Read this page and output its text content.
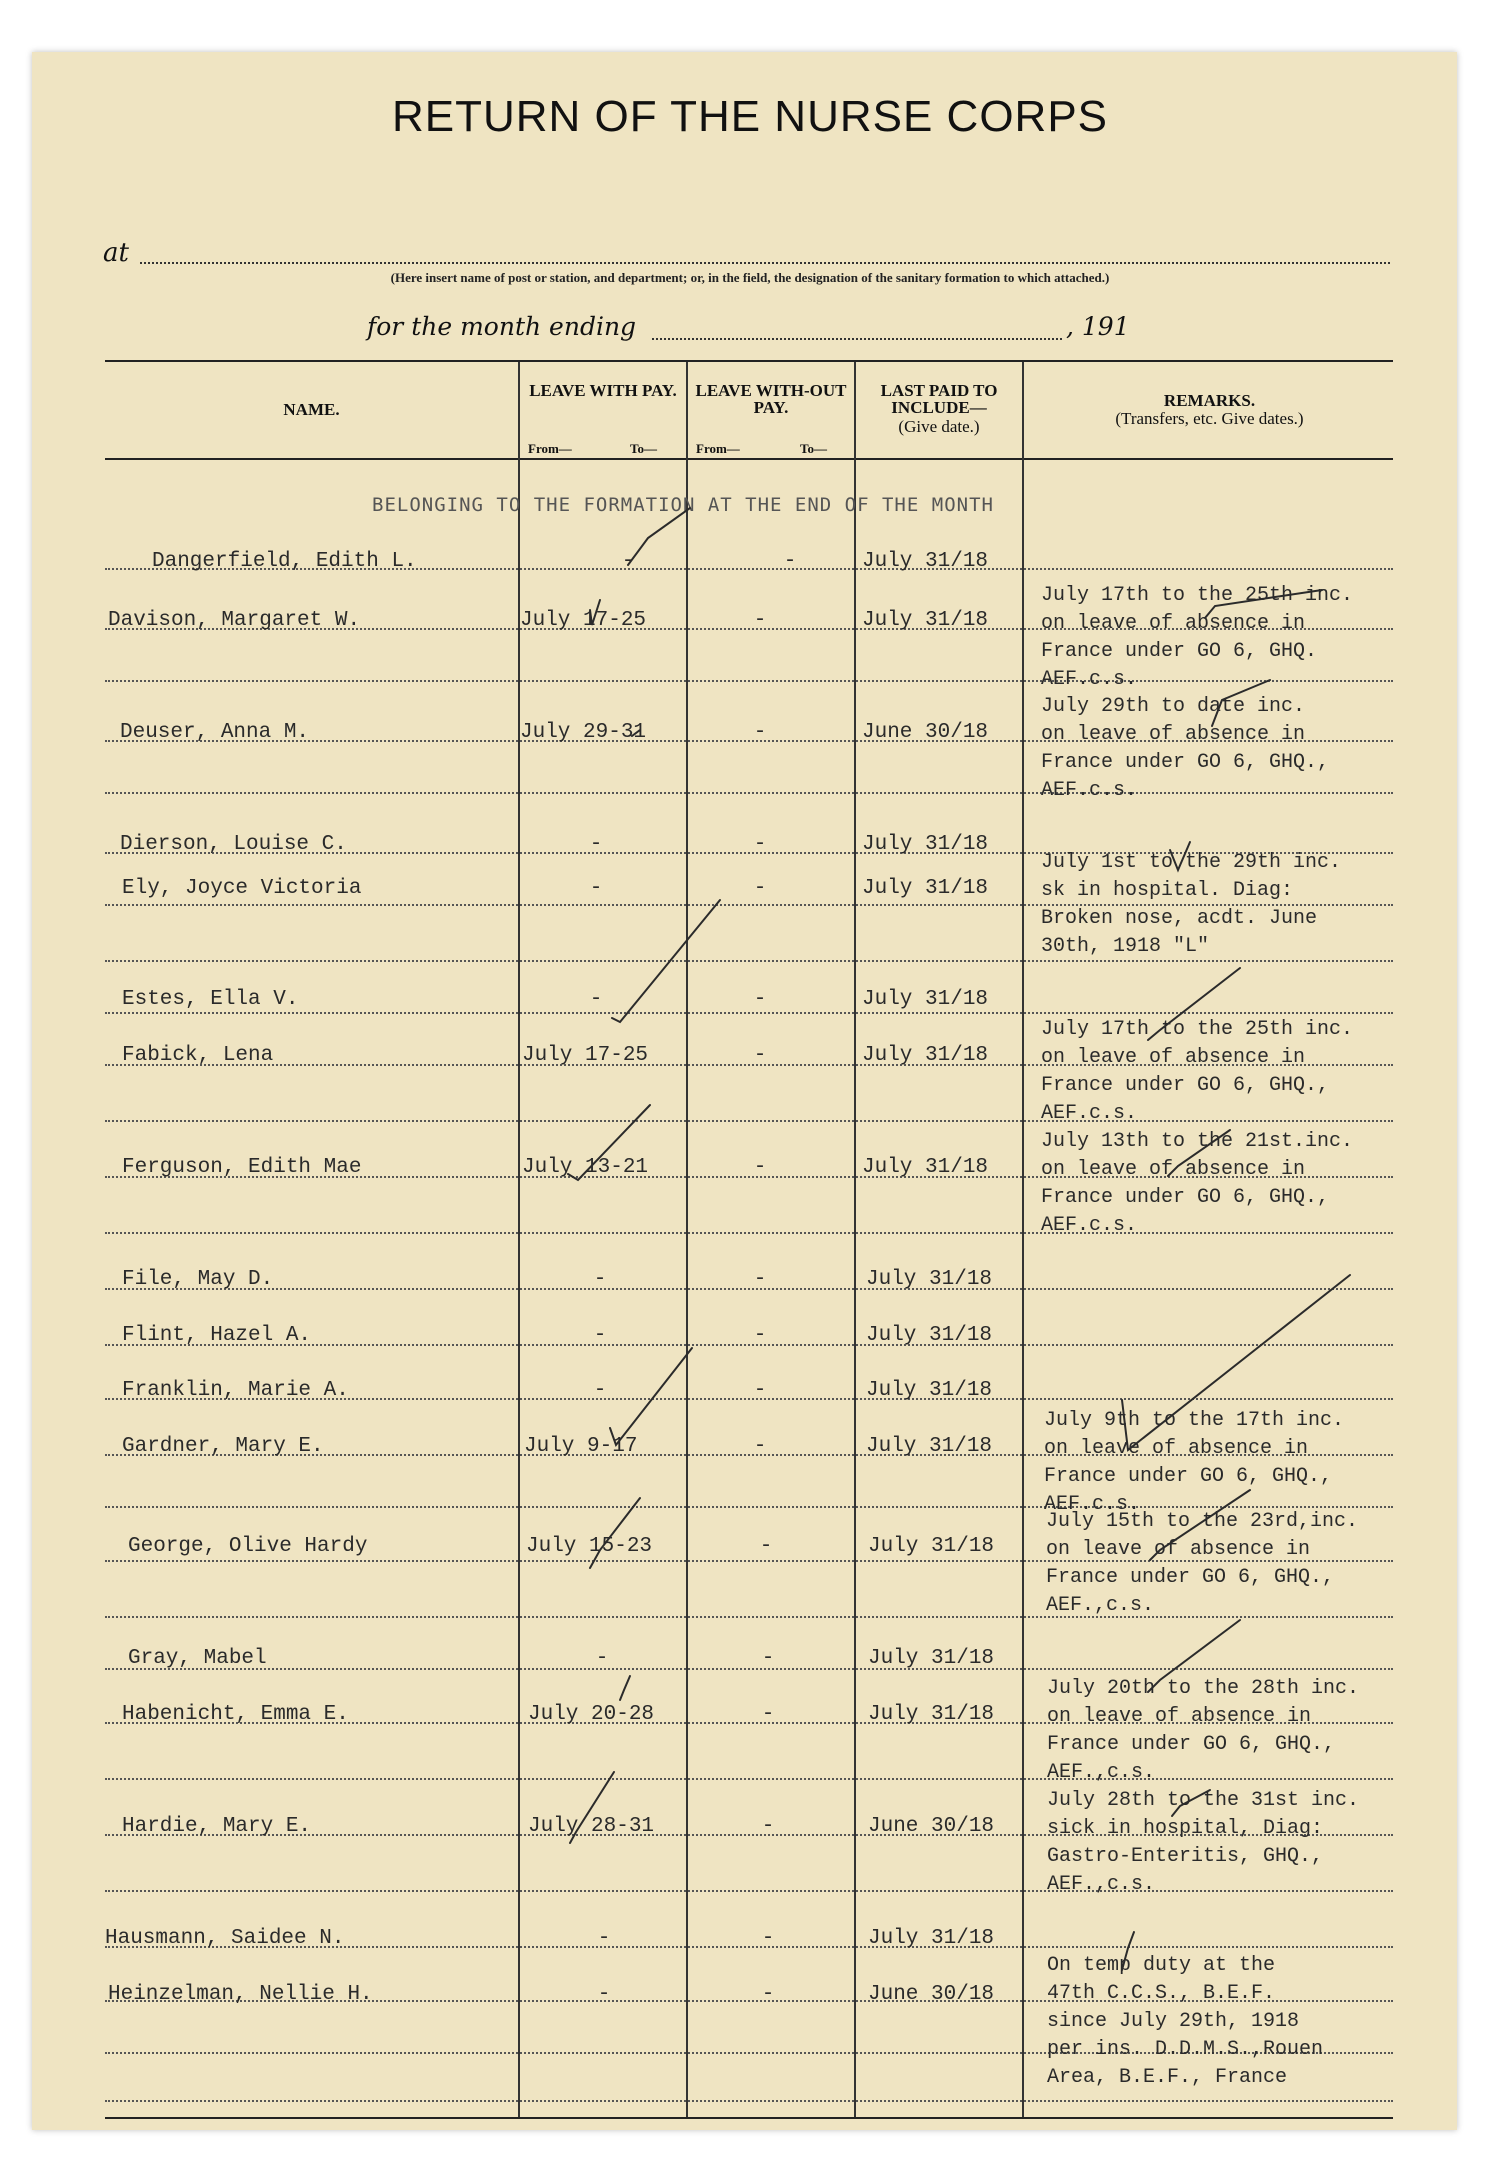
RETURN OF THE NURSE CORPS
at
(Here insert name of post or station, and department; or, in the field, the designation of the sanitary formation to which attached.)
for the month ending	, 191
NAME.
LEAVE WITH PAY.
From—	To—
LEAVE WITH-OUT PAY.
From—	To—
LAST PAID TO INCLUDE—
(Give date.)
REMARKS.
(Transfers, etc. Give dates.)
BELONGING TO THE FORMATION AT THE END OF THE MONTH
Dangerfield, Edith L.	-	-	July 31/18
Davison, Margaret W.	July 17-25	-	July 31/18
July 17th to the 25th inc.
on leave of absence in
France under GO 6, GHQ.
AEF.c.s.
Deuser, Anna M.	July 29-31	-	June 30/18
July 29th to date inc.
on leave of absence in
France under GO 6, GHQ.,
AEF.c.s.
Dierson, Louise C.	-	-	July 31/18
Ely, Joyce Victoria	-	-	July 31/18
July 1st to the 29th inc.
sk in hospital. Diag:
Broken nose, acdt. June
30th, 1918 "L"
Estes, Ella V.	-	-	July 31/18
Fabick, Lena	July 17-25	-	July 31/18
July 17th to the 25th inc.
on leave of absence in
France under GO 6, GHQ.,
AEF.c.s.
Ferguson, Edith Mae	July 13-21	-	July 31/18
July 13th to the 21st.inc.
on leave of absence in
France under GO 6, GHQ.,
AEF.c.s.
File, May D.	-	-	July 31/18
Flint, Hazel A.	-	-	July 31/18
Franklin, Marie A.	-	-	July 31/18
Gardner, Mary E.	July 9-17	-	July 31/18
July 9th to the 17th inc.
on leave of absence in
France under GO 6, GHQ.,
AEF.c.s.
George, Olive Hardy	July 15-23	-	July 31/18
July 15th to the 23rd,inc.
on leave of absence in
France under GO 6, GHQ.,
AEF.,c.s.
Gray, Mabel	-	-	July 31/18
Habenicht, Emma E.	July 20-28	-	July 31/18
July 20th to the 28th inc.
on leave of absence in
France under GO 6, GHQ.,
AEF.,c.s.
Hardie, Mary E.	July 28-31	-	June 30/18
July 28th to the 31st inc.
sick in hospital, Diag:
Gastro-Enteritis, GHQ.,
AEF.,c.s.
Hausmann, Saidee N.	-	-	July 31/18
Heinzelman, Nellie H.	-	-	June 30/18
On temp duty at the
47th C.C.S., B.E.F.
since July 29th, 1918
per ins. D.D.M.S.,Rouen
Area, B.E.F., France
